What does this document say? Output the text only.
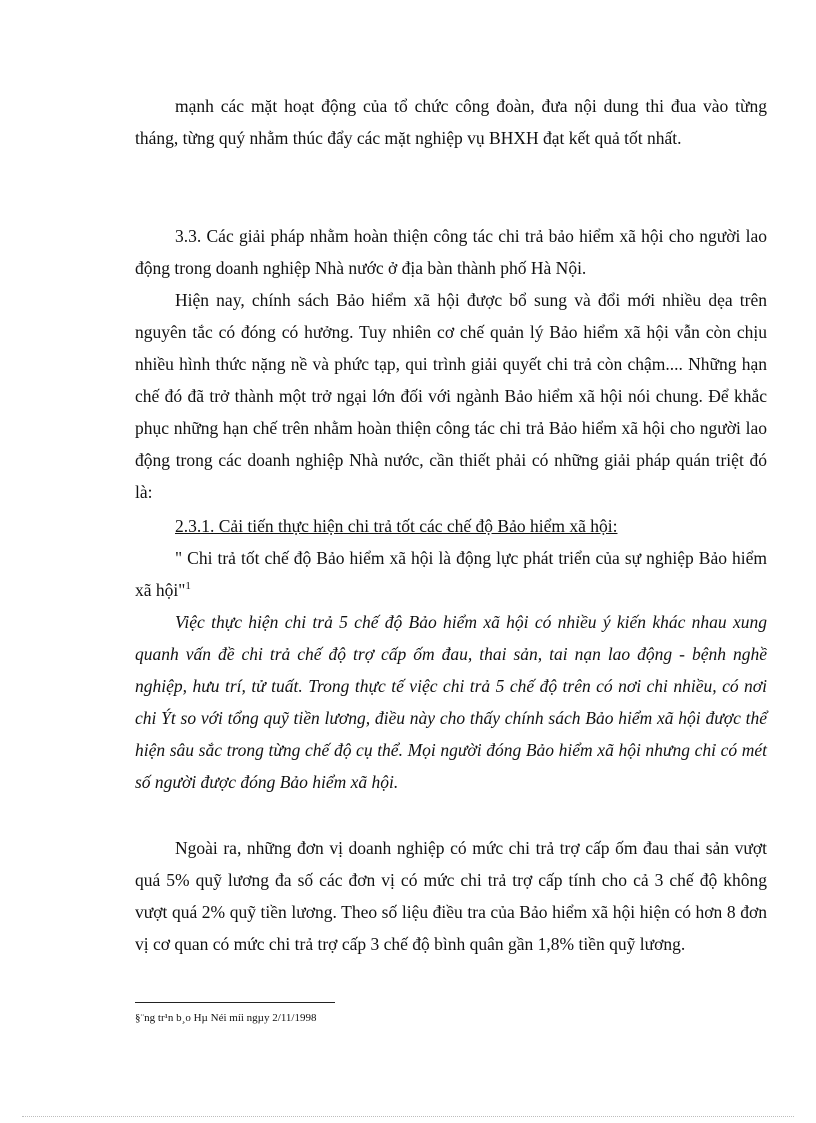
mạnh các mặt hoạt động của tổ chức công đoàn, đưa nội dung thi đua vào từng tháng, từng quý nhằm thúc đẩy các mặt nghiệp vụ BHXH đạt kết quả tốt nhất.

3.3. Các giải pháp nhằm hoàn thiện công tác chi trả bảo hiểm xã hội cho người lao động trong doanh nghiệp Nhà nước ở địa bàn thành phố Hà Nội.

Hiện nay, chính sách Bảo hiểm xã hội được bổ sung và đổi mới nhiều dẹa trên nguyên tắc có đóng có hưởng. Tuy nhiên cơ chế quản lý Bảo hiểm xã hội vẫn còn chịu nhiều hình thức nặng nề và phức tạp, qui trình giải quyết chi trả còn chậm.... Những hạn chế đó đã trở thành một trở ngại lớn đối với ngành Bảo hiểm xã hội nói chung. Để khắc phục những hạn chế trên nhằm hoàn thiện công tác chi trả Bảo hiểm xã hội cho người lao động trong các doanh nghiệp Nhà nước, cần thiết phải có những giải pháp quán triệt đó là:

2.3.1. Cải tiến thực hiện chi trả tốt các chế độ Bảo hiểm xã hội:

" Chi trả tốt chế độ Bảo hiểm xã hội là động lực phát triển của sự nghiệp Bảo hiểm xã hội"$^1$

Việc thực hiện chi trả 5 chế độ Bảo hiểm xã hội có nhiều ý kiến khác nhau xung quanh vấn đề chi trả chế độ trợ cấp ốm đau, thai sản, tai nạn lao động - bệnh nghề nghiệp, hưu trí, tử tuất. Trong thực tế việc chi trả 5 chế độ trên có nơi chi nhiều, có nơi chi Ýt so với tổng quỹ tiền lương, điều này cho thấy chính sách Bảo hiểm xã hội được thể hiện sâu sắc trong từng chế độ cụ thể. Mọi người đóng Bảo hiểm xã hội nhưng chỉ có mét số người được đóng Bảo hiểm xã hội.

Ngoài ra, những đơn vị doanh nghiệp có mức chi trả trợ cấp ốm đau thai sản vượt quá 5% quỹ lương đa số các đơn vị có mức chi trả trợ cấp tính cho cả 3 chế độ không vượt quá 2% quỹ tiền lương. Theo số liệu điều tra của Bảo hiểm xã hội hiện có hơn 8 đơn vị cơ quan có mức chi trả trợ cấp 3 chế độ bình quân gần 1,8% tiền quỹ lương.

§¨ng tr¹n b¸o Hµ Néi míi ngµy 2/11/1998
